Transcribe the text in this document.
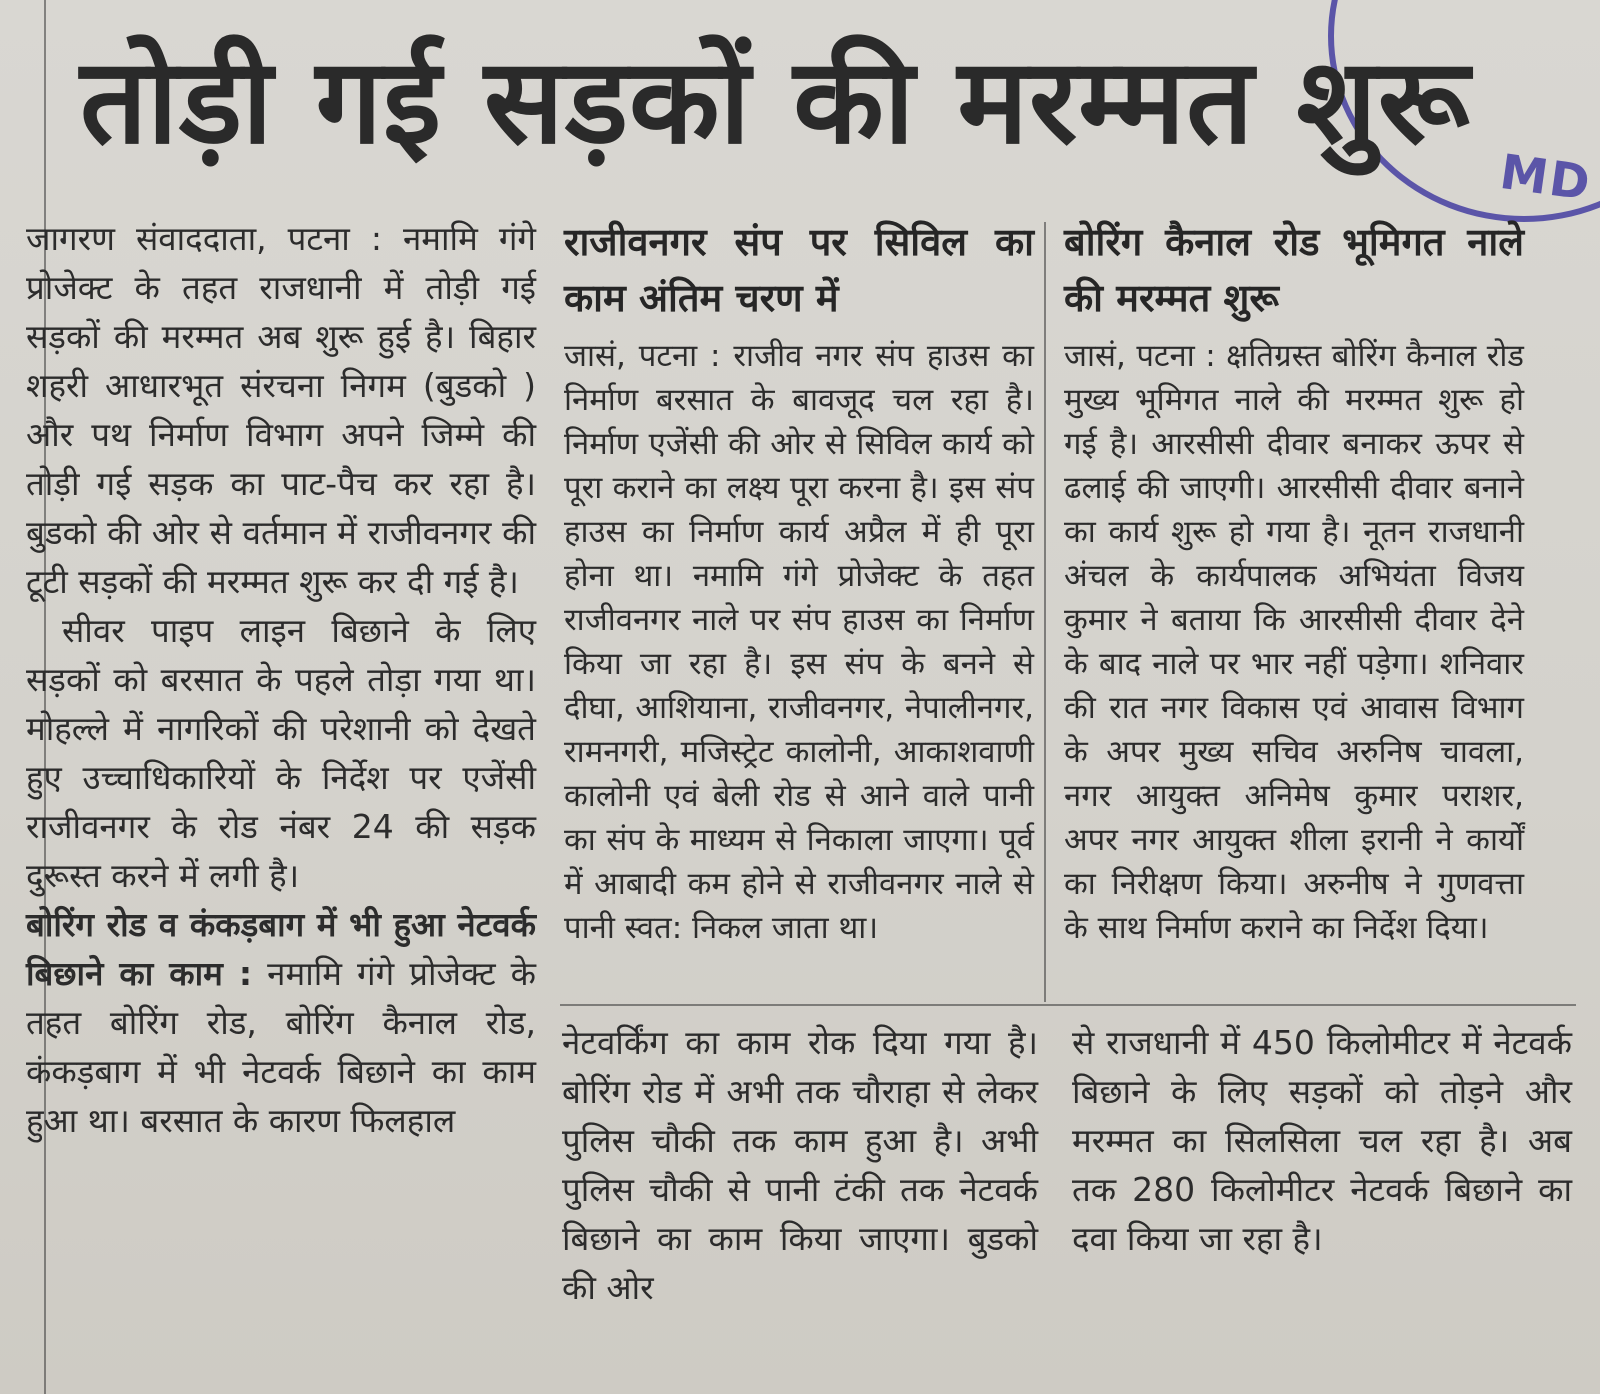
MD
तोड़ी गई सड़कों की मरम्मत शुरू

जागरण संवाददाता, पटना : नमामि गंगे प्रोजेक्ट के तहत राजधानी में तोड़ी गई सड़कों की मरम्मत अब शुरू हुई है। बिहार शहरी आधारभूत संरचना निगम (बुडको ) और पथ निर्माण विभाग अपने जिम्मे की तोड़ी गई सड़क का पाट-पैच कर रहा है। बुडको की ओर से वर्तमान में राजीवनगर की टूटी सड़कों की मरम्मत शुरू कर दी गई है।

सीवर पाइप लाइन बिछाने के लिए सड़कों को बरसात के पहले तोड़ा गया था। मोहल्ले में नागरिकों की परेशानी को देखते हुए उच्चाधिकारियों के निर्देश पर एजेंसी राजीवनगर के रोड नंबर 24 की सड़क दुरूस्त करने में लगी है।

बोरिंग रोड व कंकड़बाग में भी हुआ नेटवर्क बिछाने का काम : नमामि गंगे प्रोजेक्ट के तहत बोरिंग रोड, बोरिंग कैनाल रोड, कंकड़बाग में भी नेटवर्क बिछाने का काम हुआ था। बरसात के कारण फिलहाल

राजीवनगर संप पर सिविल का काम अंतिम चरण में

जासं, पटना : राजीव नगर संप हाउस का निर्माण बरसात के बावजूद चल रहा है। निर्माण एजेंसी की ओर से सिविल कार्य को पूरा कराने का लक्ष्य पूरा करना है। इस संप हाउस का निर्माण कार्य अप्रैल में ही पूरा होना था। नमामि गंगे प्रोजेक्ट के तहत राजीवनगर नाले पर संप हाउस का निर्माण किया जा रहा है। इस संप के बनने से दीघा, आशियाना, राजीवनगर, नेपालीनगर, रामनगरी, मजिस्ट्रेट कालोनी, आकाशवाणी कालोनी एवं बेली रोड से आने वाले पानी का संप के माध्यम से निकाला जाएगा। पूर्व में आबादी कम होने से राजीवनगर नाले से पानी स्वत: निकल जाता था।

बोरिंग कैनाल रोड भूमिगत नाले की मरम्मत शुरू

जासं, पटना : क्षतिग्रस्त बोरिंग कैनाल रोड मुख्य भूमिगत नाले की मरम्मत शुरू हो गई है। आरसीसी दीवार बनाकर ऊपर से ढलाई की जाएगी। आरसीसी दीवार बनाने का कार्य शुरू हो गया है। नूतन राजधानी अंचल के कार्यपालक अभियंता विजय कुमार ने बताया कि आरसीसी दीवार देने के बाद नाले पर भार नहीं पड़ेगा। शनिवार की रात नगर विकास एवं आवास विभाग के अपर मुख्य सचिव अरुनिष चावला, नगर आयुक्त अनिमेष कुमार पराशर, अपर नगर आयुक्त शीला इरानी ने कार्यों का निरीक्षण किया। अरुनीष ने गुणवत्ता के साथ निर्माण कराने का निर्देश दिया।

नेटवर्किंग का काम रोक दिया गया है। बोरिंग रोड में अभी तक चौराहा से लेकर पुलिस चौकी तक काम हुआ है। अभी पुलिस चौकी से पानी टंकी तक नेटवर्क बिछाने का काम किया जाएगा। बुडको की ओर

से राजधानी में 450 किलोमीटर में नेटवर्क बिछाने के लिए सड़कों को तोड़ने और मरम्मत का सिलसिला चल रहा है। अब तक 280 किलोमीटर नेटवर्क बिछाने का दवा किया जा रहा है।
